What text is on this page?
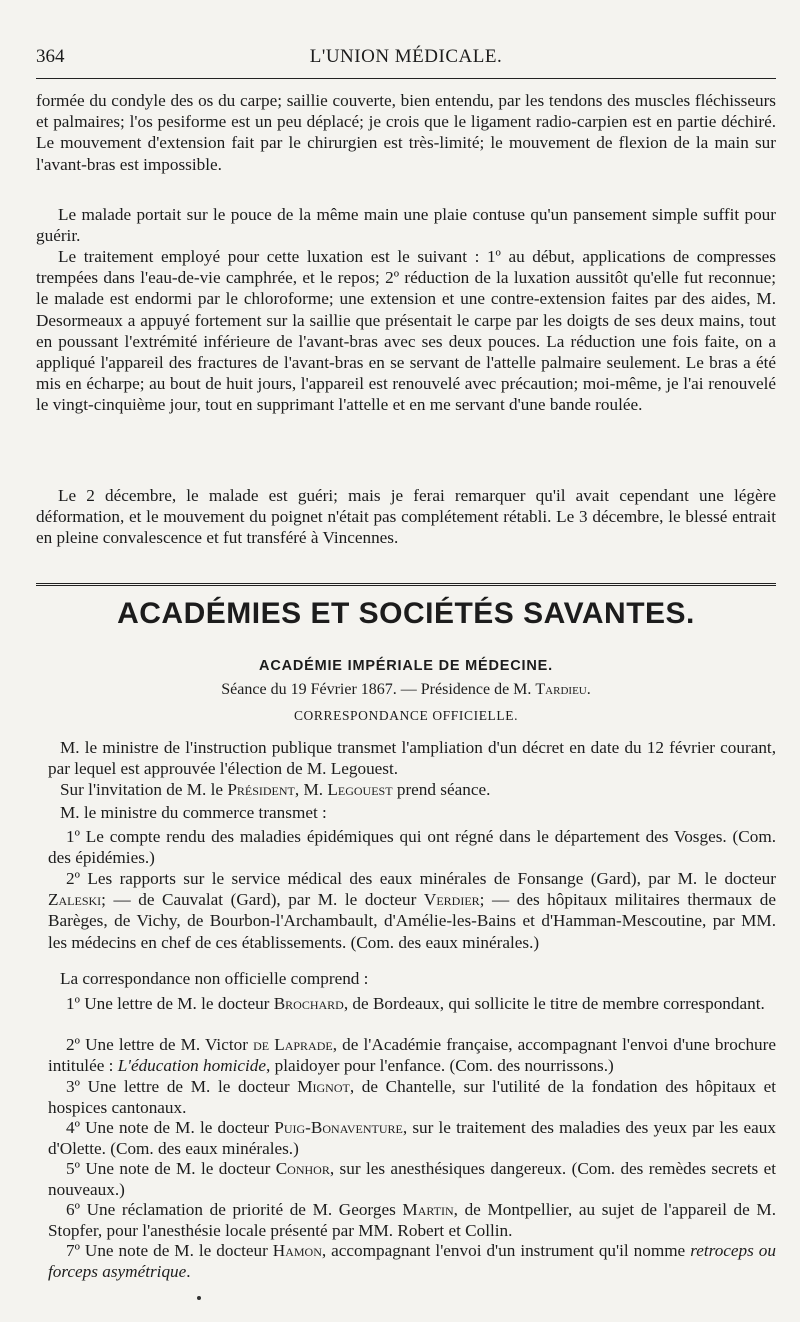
364	L'UNION MÉDICALE.

formée du condyle des os du carpe; saillie couverte, bien entendu, par les tendons des muscles fléchisseurs et palmaires; l'os pesiforme est un peu déplacé; je crois que le ligament radio-carpien est en partie déchiré. Le mouvement d'extension fait par le chirurgien est très-limité; le mouvement de flexion de la main sur l'avant-bras est impossible.

Le malade portait sur le pouce de la même main une plaie contuse qu'un pansement simple suffit pour guérir.

Le traitement employé pour cette luxation est le suivant : 1º au début, applications de compresses trempées dans l'eau-de-vie camphrée, et le repos; 2º réduction de la luxation aussitôt qu'elle fut reconnue; le malade est endormi par le chloroforme; une extension et une contre-extension faites par des aides, M. Desormeaux a appuyé fortement sur la saillie que présentait le carpe par les doigts de ses deux mains, tout en poussant l'extrémité inférieure de l'avant-bras avec ses deux pouces. La réduction une fois faite, on a appliqué l'appareil des fractures de l'avant-bras en se servant de l'attelle palmaire seulement. Le bras a été mis en écharpe; au bout de huit jours, l'appareil est renouvelé avec précaution; moi-même, je l'ai renouvelé le vingt-cinquième jour, tout en supprimant l'attelle et en me servant d'une bande roulée.

Le 2 décembre, le malade est guéri; mais je ferai remarquer qu'il avait cependant une légère déformation, et le mouvement du poignet n'était pas complétement rétabli. Le 3 décembre, le blessé entrait en pleine convalescence et fut transféré à Vincennes.

ACADÉMIES ET SOCIÉTÉS SAVANTES.
ACADÉMIE IMPÉRIALE DE MÉDECINE.
Séance du 19 Février 1867. — Présidence de M. Tardieu.
CORRESPONDANCE OFFICIELLE.

M. le ministre de l'instruction publique transmet l'ampliation d'un décret en date du 12 février courant, par lequel est approuvée l'élection de M. Legouest.

Sur l'invitation de M. le Président, M. Legouest prend séance.

M. le ministre du commerce transmet :

1º Le compte rendu des maladies épidémiques qui ont régné dans le département des Vosges. (Com. des épidémies.)

2º Les rapports sur le service médical des eaux minérales de Fonsange (Gard), par M. le docteur Zaleski; — de Cauvalat (Gard), par M. le docteur Verdier; — des hôpitaux militaires thermaux de Barèges, de Vichy, de Bourbon-l'Archambault, d'Amélie-les-Bains et d'Hamman-Mescoutine, par MM. les médecins en chef de ces établissements. (Com. des eaux minérales.)

La correspondance non officielle comprend :

1º Une lettre de M. le docteur Brochard, de Bordeaux, qui sollicite le titre de membre correspondant.

2º Une lettre de M. Victor de Laprade, de l'Académie française, accompagnant l'envoi d'une brochure intitulée : L'éducation homicide, plaidoyer pour l'enfance. (Com. des nourrissons.)

3º Une lettre de M. le docteur Mignot, de Chantelle, sur l'utilité de la fondation des hôpitaux et hospices cantonaux.

4º Une note de M. le docteur Puig-Bonaventure, sur le traitement des maladies des yeux par les eaux d'Olette. (Com. des eaux minérales.)

5º Une note de M. le docteur Conhor, sur les anesthésiques dangereux. (Com. des remèdes secrets et nouveaux.)

6º Une réclamation de priorité de M. Georges Martin, de Montpellier, au sujet de l'appareil de M. Stopfer, pour l'anesthésie locale présenté par MM. Robert et Collin.

7º Une note de M. le docteur Hamon, accompagnant l'envoi d'un instrument qu'il nomme retroceps ou forceps asymétrique.
